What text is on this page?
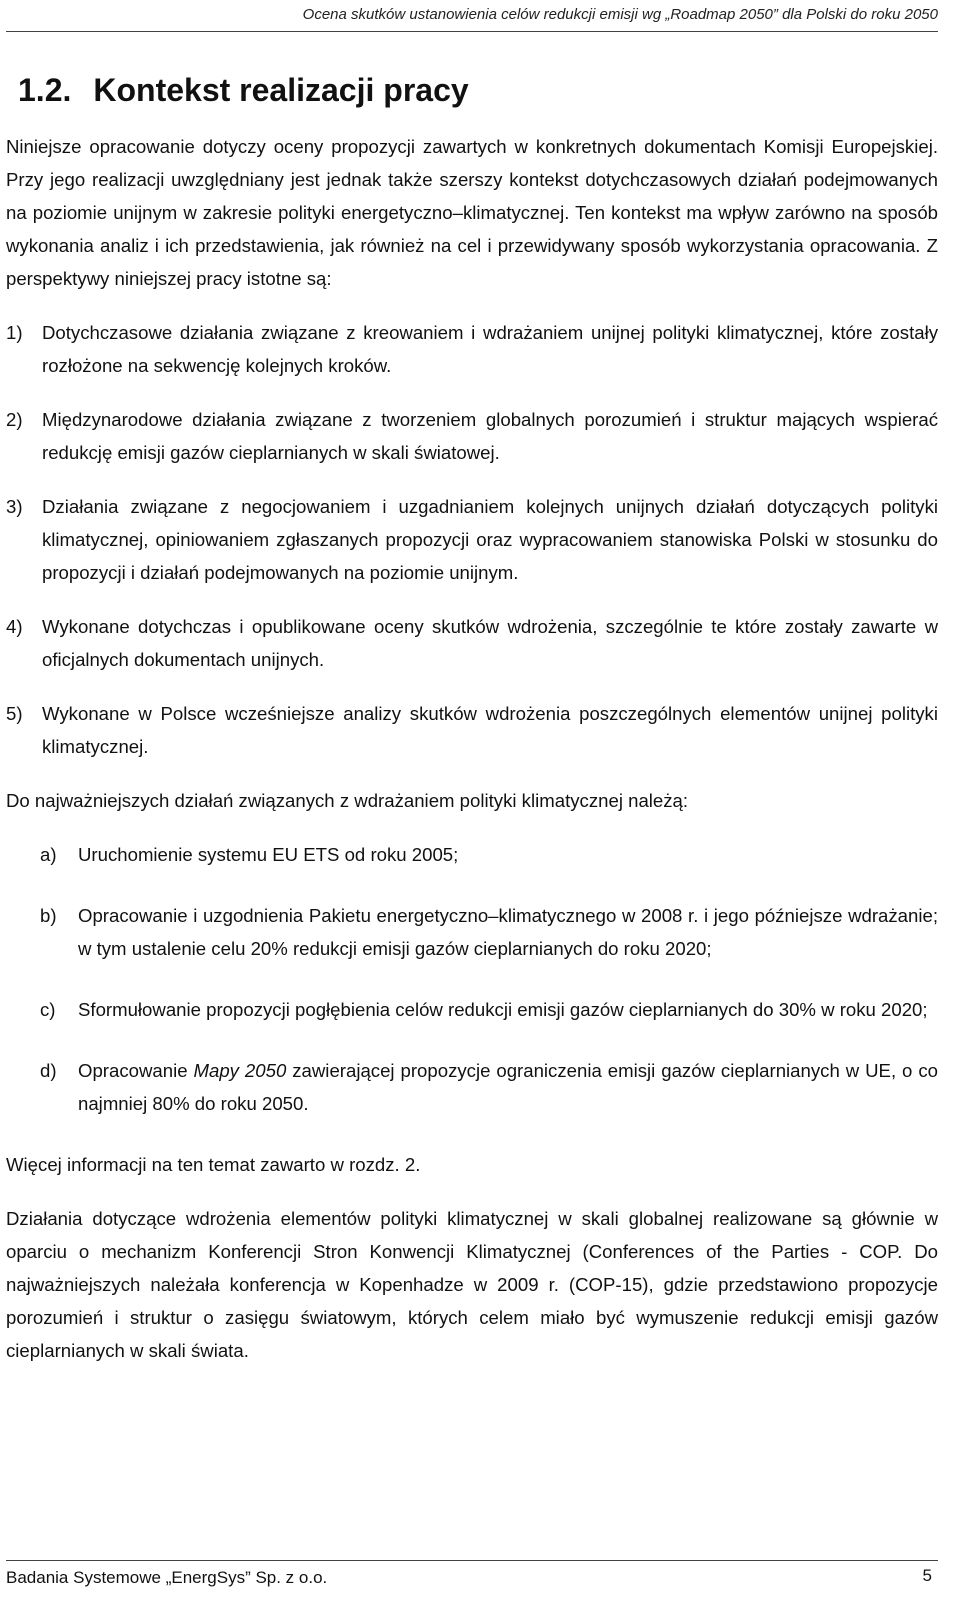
Ocena skutków ustanowienia celów redukcji emisji wg „Roadmap 2050” dla Polski do roku 2050
1.2. Kontekst realizacji pracy

Niniejsze opracowanie dotyczy oceny propozycji zawartych w konkretnych dokumentach Komisji Europejskiej. Przy jego realizacji uwzględniany jest jednak także szerszy kontekst dotychczasowych działań podejmowanych na poziomie unijnym w zakresie polityki energetyczno–klimatycznej. Ten kontekst ma wpływ zarówno na sposób wykonania analiz i ich przedstawienia, jak również na cel i przewidywany sposób wykorzystania opracowania. Z perspektywy niniejszej pracy istotne są:

1) Dotychczasowe działania związane z kreowaniem i wdrażaniem unijnej polityki klimatycznej, które zostały rozłożone na sekwencję kolejnych kroków.
2) Międzynarodowe działania związane z tworzeniem globalnych porozumień i struktur mających wspierać redukcję emisji gazów cieplarnianych w skali światowej.
3) Działania związane z negocjowaniem i uzgadnianiem kolejnych unijnych działań dotyczących polityki klimatycznej, opiniowaniem zgłaszanych propozycji oraz wypracowaniem stanowiska Polski w stosunku do propozycji i działań podejmowanych na poziomie unijnym.
4) Wykonane dotychczas i opublikowane oceny skutków wdrożenia, szczególnie te które zostały zawarte w oficjalnych dokumentach unijnych.
5) Wykonane w Polsce wcześniejsze analizy skutków wdrożenia poszczególnych elementów unijnej polityki klimatycznej.

Do najważniejszych działań związanych z wdrażaniem polityki klimatycznej należą:

a) Uruchomienie systemu EU ETS od roku 2005;
b) Opracowanie i uzgodnienia Pakietu energetyczno–klimatycznego w 2008 r. i jego późniejsze wdrażanie; w tym ustalenie celu 20% redukcji emisji gazów cieplarnianych do roku 2020;
c) Sformułowanie propozycji pogłębienia celów redukcji emisji gazów cieplarnianych do 30% w roku 2020;
d) Opracowanie Mapy 2050 zawierającej propozycje ograniczenia emisji gazów cieplarnianych w UE, o co najmniej 80% do roku 2050.

Więcej informacji na ten temat zawarto w rozdz. 2.

Działania dotyczące wdrożenia elementów polityki klimatycznej w skali globalnej realizowane są głównie w oparciu o mechanizm Konferencji Stron Konwencji Klimatycznej (Conferences of the Parties - COP. Do najważniejszych należała konferencja w Kopenhadze w 2009 r. (COP-15), gdzie przedstawiono propozycje porozumień i struktur o zasięgu światowym, których celem miało być wymuszenie redukcji emisji gazów cieplarnianych w skali świata.

Badania Systemowe „EnergSys” Sp. z o.o.	5
